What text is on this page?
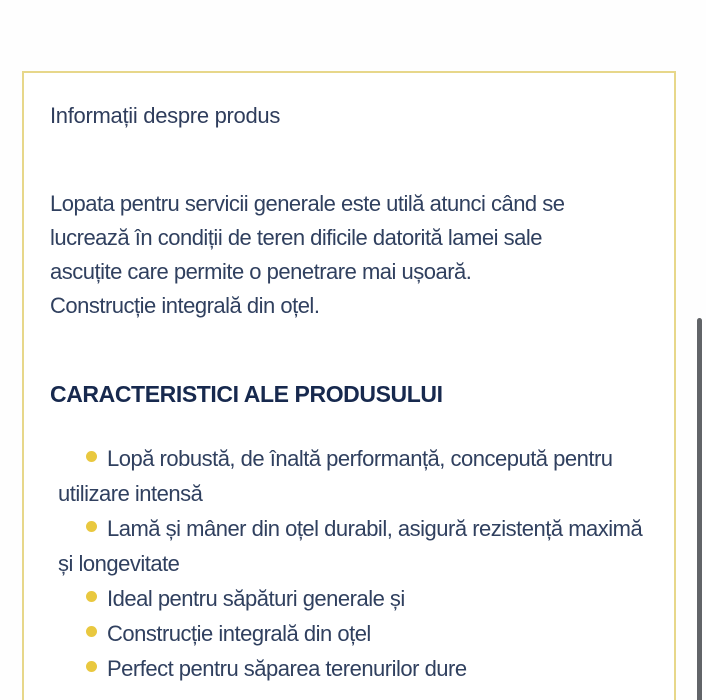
Informații despre produs
Lopata pentru servicii generale este utilă atunci când se
lucrează în condiții de teren dificile datorită lamei sale
ascuțite care permite o penetrare mai ușoară.
Construcție integrală din oțel.
CARACTERISTICI ALE PRODUSULUI
Lopă robustă, de înaltă performanță, concepută pentru utilizare intensă
Lamă și mâner din oțel durabil, asigură rezistență maximă și longevitate
Ideal pentru săpături generale și
Construcție integrală din oțel
Perfect pentru săparea terenurilor dure
